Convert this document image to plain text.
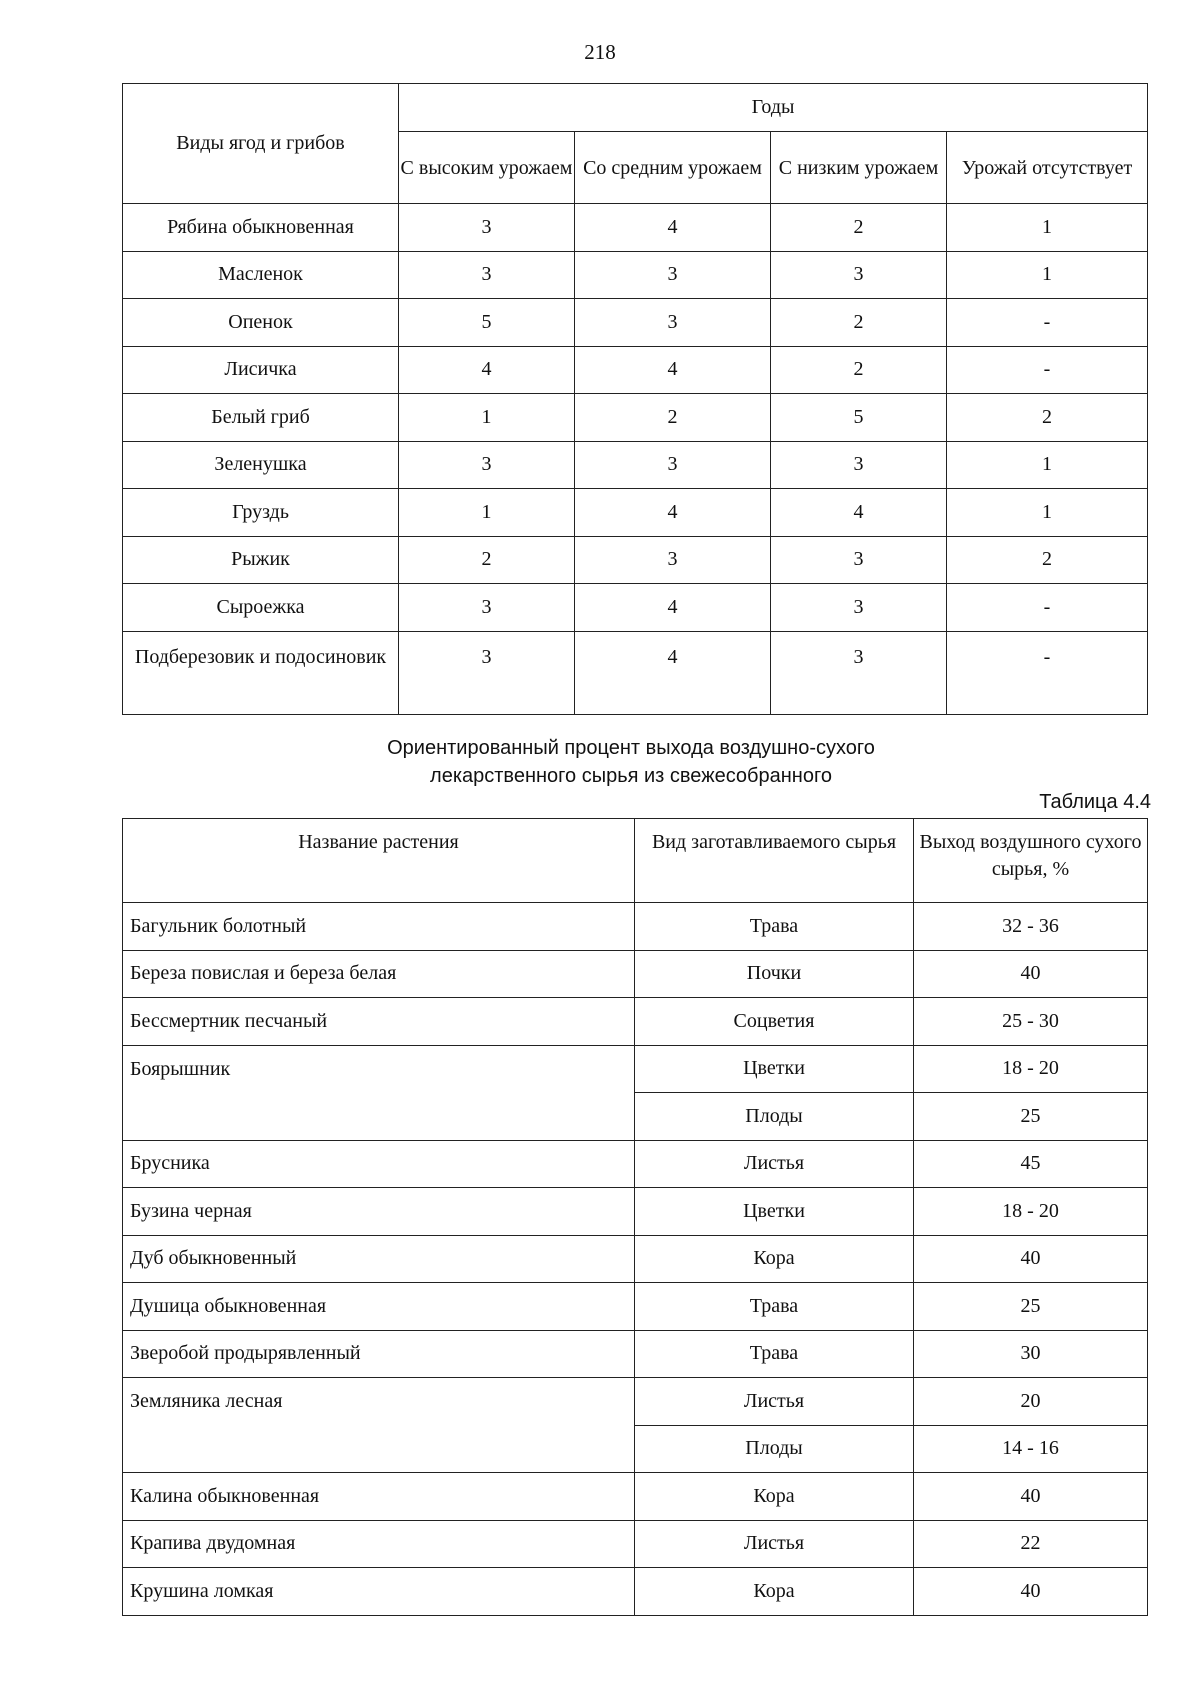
218
Виды ягод и грибов	Годы			
	С высоким урожаем	Со средним урожаем	С низким урожаем	Урожай отсутствует
Рябина обыкновенная	3	4	2	1
Масленок	3	3	3	1
Опенок	5	3	2	-
Лисичка	4	4	2	-
Белый гриб	1	2	5	2
Зеленушка	3	3	3	1
Груздь	1	4	4	1
Рыжик	2	3	3	2
Сыроежка	3	4	3	-
Подберезовик и подосиновик	3	4	3	-
Ориентированный процент выхода воздушно-сухого
лекарственного сырья из свежесобранного
Таблица 4.4
Название растения	Вид заготавливаемого сырья	Выход воздушного сухого сырья, %
Багульник болотный	Трава	32 - 36
Береза повислая и береза белая	Почки	40
Бессмертник песчаный	Соцветия	25 - 30
Боярышник	Цветки	18 - 20
	Плоды	25
Брусника	Листья	45
Бузина черная	Цветки	18 - 20
Дуб обыкновенный	Кора	40
Душица обыкновенная	Трава	25
Зверобой продырявленный	Трава	30
Земляника лесная	Листья	20
	Плоды	14 - 16
Калина обыкновенная	Кора	40
Крапива двудомная	Листья	22
Крушина ломкая	Кора	40
